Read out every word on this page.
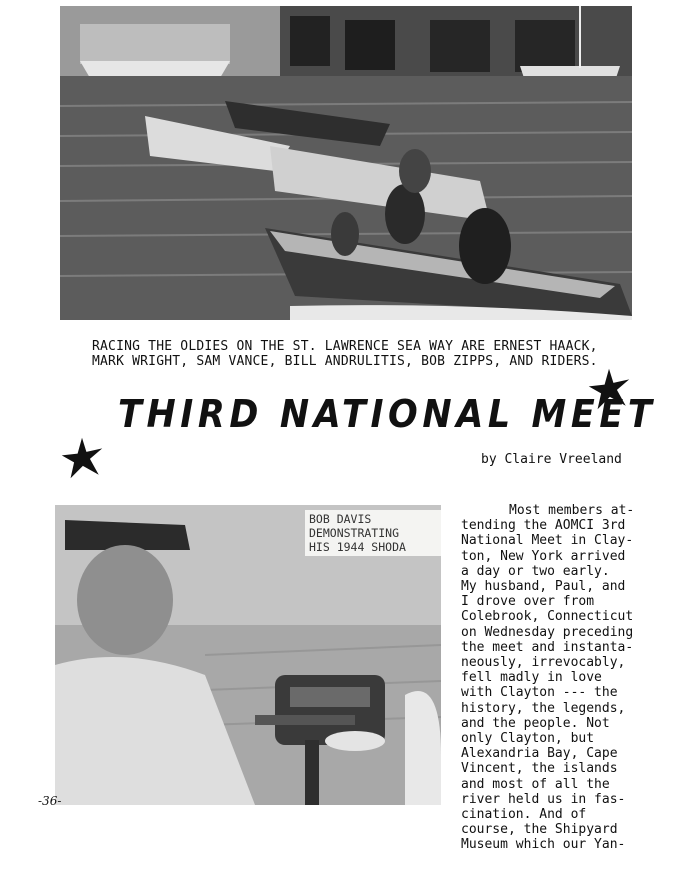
RACING THE OLDIES ON THE ST. LAWRENCE SEA WAY ARE ERNEST HAACK,
MARK WRIGHT, SAM VANCE, BILL ANDRULITIS, BOB ZIPPS, AND RIDERS.

THIRD NATIONAL MEET

by Claire Vreeland

BOB DAVIS
DEMONSTRATING
HIS 1944 SHODA

Most members at-
tending the AOMCI 3rd
National Meet in Clay-
ton, New York arrived
a day or two early.
My husband, Paul, and
I drove over from
Colebrook, Connecticut
on Wednesday preceding
the meet and instanta-
neously, irrevocably,
fell madly in love
with Clayton --- the
history, the legends,
and the people. Not
only Clayton, but
Alexandria Bay, Cape
Vincent, the islands
and most of all the
river held us in fas-
cination. And of
course, the Shipyard
Museum which our Yan-

-36-
